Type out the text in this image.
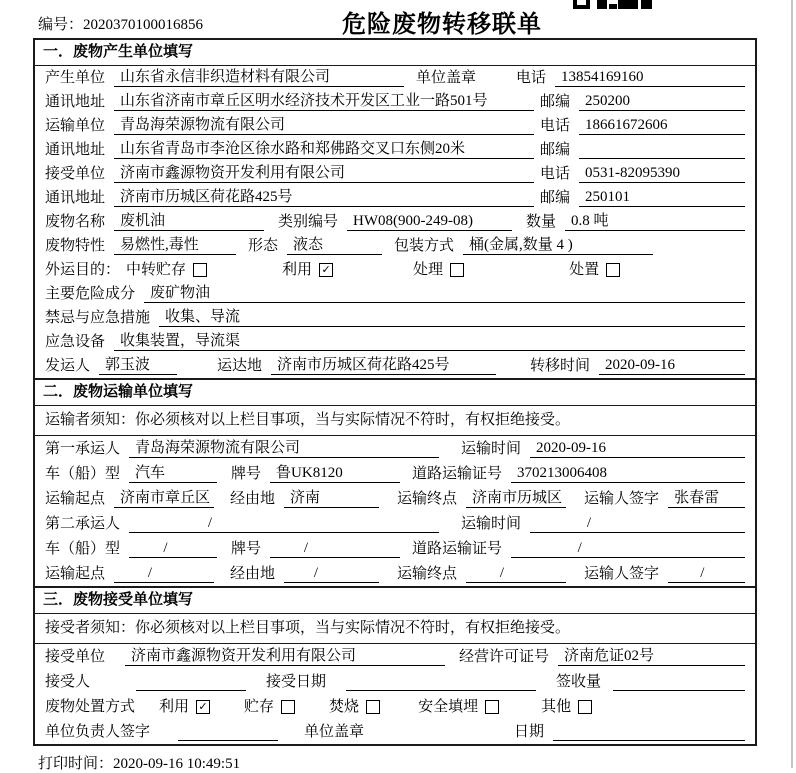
编号：2020370100016856	危险废物转移联单
一．废物产生单位填写
产生单位	山东省永信非织造材料有限公司	单位盖章	电话	13854169160
通讯地址	山东省济南市章丘区明水经济技术开发区工业一路501号	邮编	250200
运输单位	青岛海荣源物流有限公司	电话	18661672606
通讯地址	山东省青岛市李沧区徐水路和郑佛路交叉口东侧20米	邮编
接受单位	济南市鑫源物资开发利用有限公司	电话	0531-82095390
通讯地址	济南市历城区荷花路425号	邮编	250101
废物名称	废机油	类别编号	HW08(900-249-08)	数量	0.8 吨
废物特性	易燃性,毒性	形态	液态	包装方式	桶(金属,数量 4 )
外运目的： 中转贮存	利用 ✓	处理	处置
主要危险成分	废矿物油
禁忌与应急措施	收集、导流
应急设备	收集装置，导流渠
发运人	郭玉波	运达地	济南市历城区荷花路425号	转移时间	2020-09-16
二．废物运输单位填写
运输者须知：你必须核对以上栏目事项，当与实际情况不符时，有权拒绝接受。
第一承运人	青岛海荣源物流有限公司	运输时间	2020-09-16
车（船）型	汽车	牌号	鲁UK8120	道路运输证号	370213006408
运输起点	济南市章丘区 经由地	济南	运输终点	济南市历城区 运输人签字	张春雷
第二承运人	/	运输时间	/
车（船）型	/	牌号	/	道路运输证号	/
运输起点	/	经由地	/	运输终点	/	运输人签字	/
三．废物接受单位填写
接受者须知：你必须核对以上栏目事项，当与实际情况不符时，有权拒绝接受。
接受单位	济南市鑫源物资开发利用有限公司	经营许可证号	济南危证02号
接受人	接受日期	签收量
废物处置方式 利用 ✓ 贮存	焚烧	安全填埋	其他
单位负责人签字	单位盖章	日期
打印时间：2020-09-16 10:49:51
